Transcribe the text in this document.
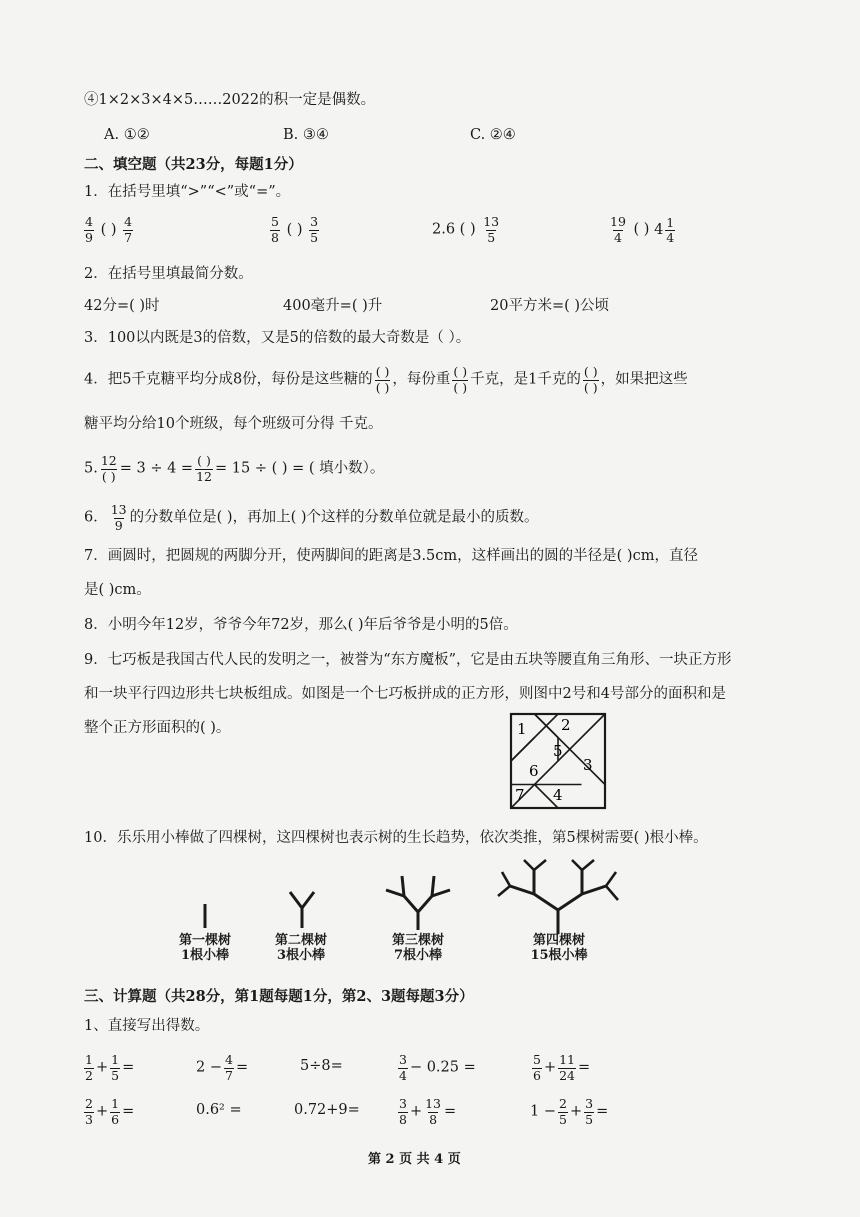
④1×2×3×4×5……2022的积一定是偶数。
A. ①②	B. ③④	C. ②④
二、填空题（共23分，每题1分）
1．在括号里填“>”“<”或“=”。
$\frac{4}{9}$ ( ) $\frac{4}{7}$	$\frac{5}{8}$ ( ) $\frac{3}{5}$	2.6 ( ) $\frac{13}{5}$	$\frac{19}{4}$ ( ) $4 \frac{1}{4}$
2．在括号里填最简分数。
42分=( )时	400毫升=( )升	20平方米=( )公顷
3．100以内既是3的倍数，又是5的倍数的最大奇数是（ ）。
4．把5千克糖平均分成8份，每份是这些糖的 $\frac{( )}{( )}$ ，每份重 $\frac{( )}{( )}$ 千克，是1千克的 $\frac{( )}{( )}$ ，如果把这些
糖平均分给10个班级，每个班级可分得 千克。
5. $\frac{12}{( )} = 3 \div 4 = \frac{( )}{12} = 15$ ÷ ( ) = ( 填小数）。
6． $\frac{13}{9}$ 的分数单位是( )，再加上( )个这样的分数单位就是最小的质数。
7．画圆时，把圆规的两脚分开，使两脚间的距离是3.5cm，这样画出的圆的半径是( )cm，直径
是( )cm。
8．小明今年12岁，爷爷今年72岁，那么( )年后爷爷是小明的5倍。
9．七巧板是我国古代人民的发明之一，被誉为“东方魔板”，它是由五块等腰直角三角形、一块正方形
和一块平行四边形共七块板组成。如图是一个七巧板拼成的正方形，则图中2号和4号部分的面积和是
整个正方形面积的( )。	1 2
3
4
5
6
7
10．乐乐用小棒做了四棵树，这四棵树也表示树的生长趋势，依次类推，第5棵树需要( )根小棒。
第一棵树
1根小棒
第二棵树
3根小棒
第三棵树
7根小棒
第四棵树
15根小棒
三、计算题（共28分，第1题每题1分，第2、3题每题3分）
1、直接写出得数。
$\frac{1}{2} + \frac{1}{5}$ =	$2 - \frac{4}{7}$ =	5÷8=	$\frac{3}{4} - 0.25$ =	$\frac{5}{6} + \frac{11}{24}$ =
$\frac{2}{3} + \frac{1}{6}$ =	0.6² =	0.72+9=	$\frac{3}{8} + \frac{13}{8}$ =	$1 - \frac{2}{5} + \frac{3}{5}$ =
第 2 页 共 4 页
